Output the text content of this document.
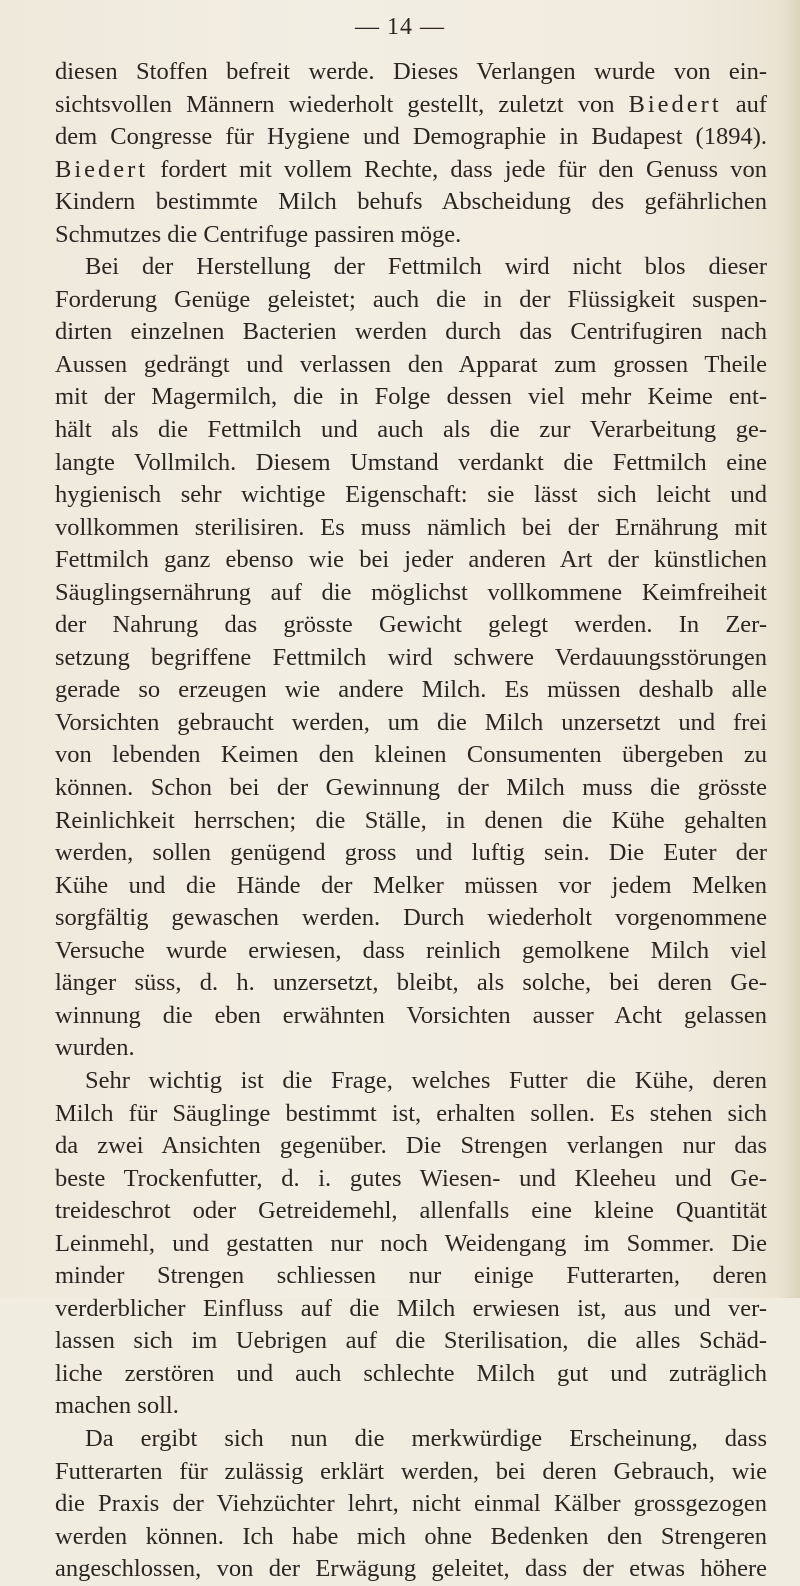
— 14 —
diesen Stoffen befreit werde. Dieses Verlangen wurde von ein-
sichtsvollen Männern wiederholt gestellt, zuletzt von Biedert auf
dem Congresse für Hygiene und Demographie in Budapest (1894).
Biedert fordert mit vollem Rechte, dass jede für den Genuss von
Kindern bestimmte Milch behufs Abscheidung des gefährlichen
Schmutzes die Centrifuge passiren möge.
Bei der Herstellung der Fettmilch wird nicht blos dieser
Forderung Genüge geleistet; auch die in der Flüssigkeit suspen-
dirten einzelnen Bacterien werden durch das Centrifugiren nach
Aussen gedrängt und verlassen den Apparat zum grossen Theile
mit der Magermilch, die in Folge dessen viel mehr Keime ent-
hält als die Fettmilch und auch als die zur Verarbeitung ge-
langte Vollmilch. Diesem Umstand verdankt die Fettmilch eine
hygienisch sehr wichtige Eigenschaft: sie lässt sich leicht und
vollkommen sterilisiren. Es muss nämlich bei der Ernährung mit
Fettmilch ganz ebenso wie bei jeder anderen Art der künstlichen
Säuglingsernährung auf die möglichst vollkommene Keimfreiheit
der Nahrung das grösste Gewicht gelegt werden. In Zer-
setzung begriffene Fettmilch wird schwere Verdauungsstörungen
gerade so erzeugen wie andere Milch. Es müssen deshalb alle
Vorsichten gebraucht werden, um die Milch unzersetzt und frei
von lebenden Keimen den kleinen Consumenten übergeben zu
können. Schon bei der Gewinnung der Milch muss die grösste
Reinlichkeit herrschen; die Ställe, in denen die Kühe gehalten
werden, sollen genügend gross und luftig sein. Die Euter der
Kühe und die Hände der Melker müssen vor jedem Melken
sorgfältig gewaschen werden. Durch wiederholt vorgenommene
Versuche wurde erwiesen, dass reinlich gemolkene Milch viel
länger süss, d. h. unzersetzt, bleibt, als solche, bei deren Ge-
winnung die eben erwähnten Vorsichten ausser Acht gelassen
wurden.
Sehr wichtig ist die Frage, welches Futter die Kühe, deren
Milch für Säuglinge bestimmt ist, erhalten sollen. Es stehen sich
da zwei Ansichten gegenüber. Die Strengen verlangen nur das
beste Trockenfutter, d. i. gutes Wiesen- und Kleeheu und Ge-
treideschrot oder Getreidemehl, allenfalls eine kleine Quantität
Leinmehl, und gestatten nur noch Weidengang im Sommer. Die
minder Strengen schliessen nur einige Futterarten, deren
verderblicher Einfluss auf die Milch erwiesen ist, aus und ver-
lassen sich im Uebrigen auf die Sterilisation, die alles Schäd-
liche zerstören und auch schlechte Milch gut und zuträglich
machen soll.
Da ergibt sich nun die merkwürdige Erscheinung, dass
Futterarten für zulässig erklärt werden, bei deren Gebrauch, wie
die Praxis der Viehzüchter lehrt, nicht einmal Kälber grossgezogen
werden können. Ich habe mich ohne Bedenken den Strengeren
angeschlossen, von der Erwägung geleitet, dass der etwas höhere
